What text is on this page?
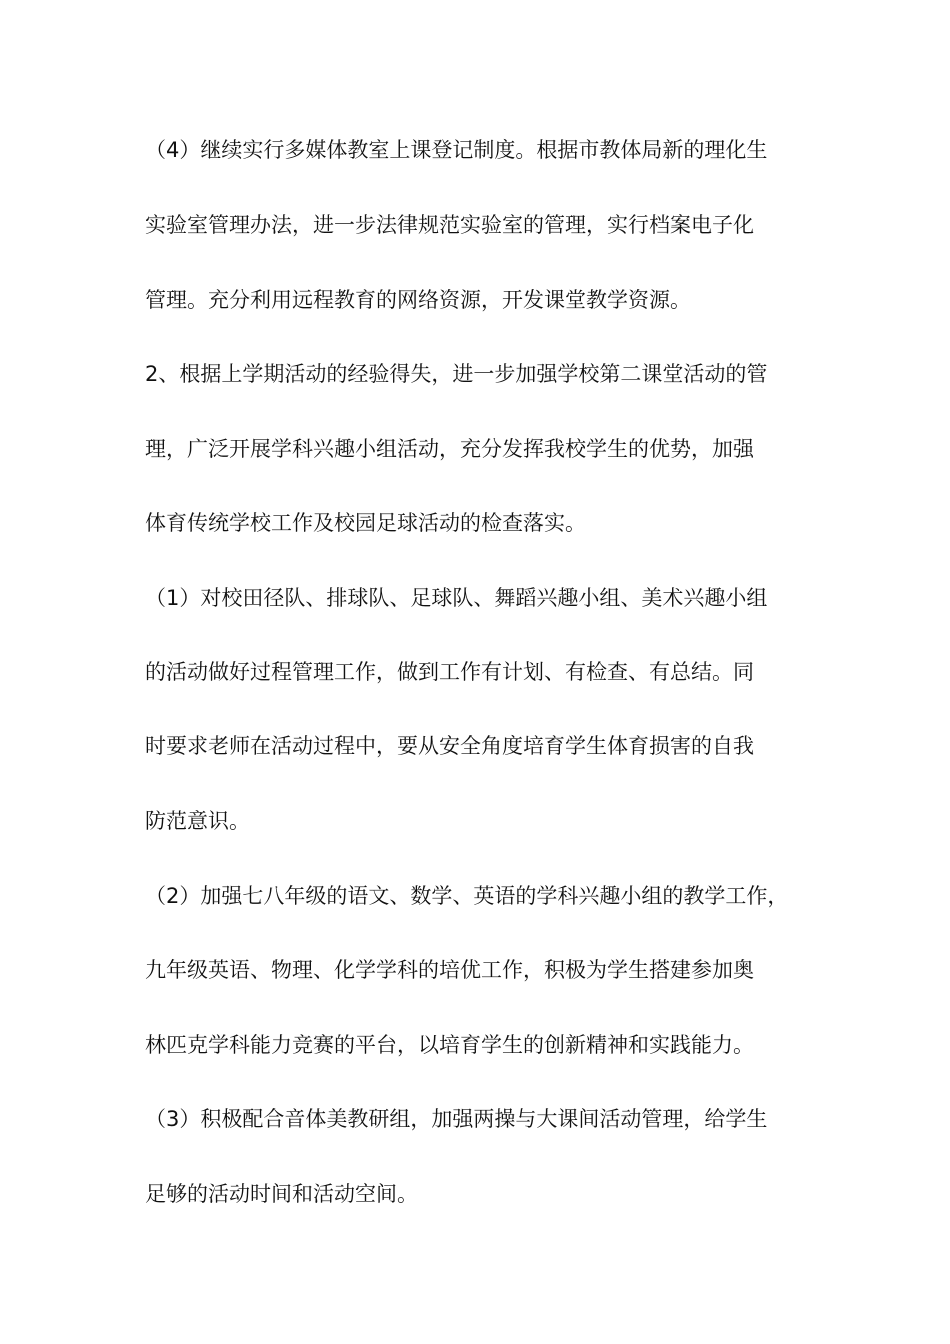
（4）继续实行多媒体教室上课登记制度。根据市教体局新的理化生
实验室管理办法，进一步法律规范实验室的管理，实行档案电子化
管理。充分利用远程教育的网络资源，开发课堂教学资源。
2、根据上学期活动的经验得失，进一步加强学校第二课堂活动的管
理，广泛开展学科兴趣小组活动，充分发挥我校学生的优势，加强
体育传统学校工作及校园足球活动的检查落实。
（1）对校田径队、排球队、足球队、舞蹈兴趣小组、美术兴趣小组
的活动做好过程管理工作，做到工作有计划、有检查、有总结。同
时要求老师在活动过程中，要从安全角度培育学生体育损害的自我
防范意识。
（2）加强七八年级的语文、数学、英语的学科兴趣小组的教学工作，
九年级英语、物理、化学学科的培优工作，积极为学生搭建参加奥
林匹克学科能力竞赛的平台，以培育学生的创新精神和实践能力。
（3）积极配合音体美教研组，加强两操与大课间活动管理，给学生
足够的活动时间和活动空间。
